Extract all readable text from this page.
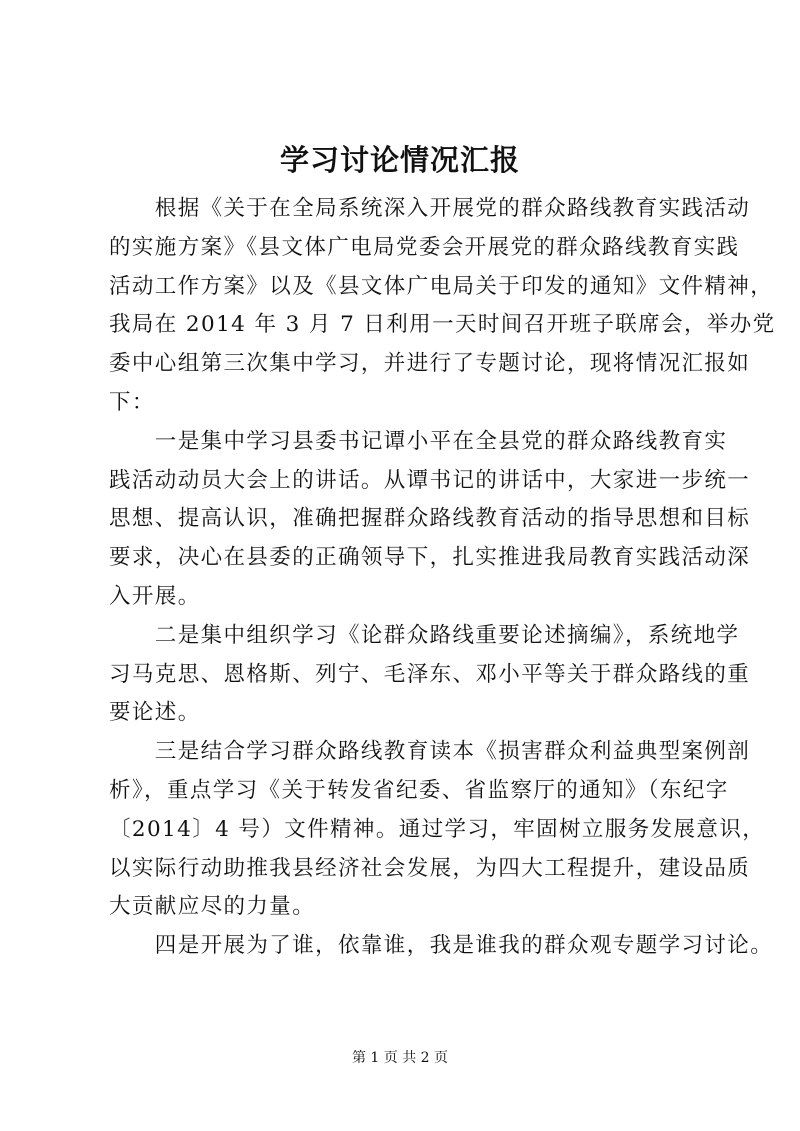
学习讨论情况汇报
　　根据《关于在全局系统深入开展党的群众路线教育实践活动
的实施方案》《县文体广电局党委会开展党的群众路线教育实践
活动工作方案》以及《县文体广电局关于印发的通知》文件精神，
我局在 2014 年 3 月 7 日利用一天时间召开班子联席会，举办党
委中心组第三次集中学习，并进行了专题讨论，现将情况汇报如
下：
　　一是集中学习县委书记谭小平在全县党的群众路线教育实
践活动动员大会上的讲话。从谭书记的讲话中，大家进一步统一
思想、提高认识，准确把握群众路线教育活动的指导思想和目标
要求，决心在县委的正确领导下，扎实推进我局教育实践活动深
入开展。
　　二是集中组织学习《论群众路线重要论述摘编》，系统地学
习马克思、恩格斯、列宁、毛泽东、邓小平等关于群众路线的重
要论述。
　　三是结合学习群众路线教育读本《损害群众利益典型案例剖
析》，重点学习《关于转发省纪委、省监察厅的通知》（东纪字
〔2014〕4 号）文件精神。通过学习，牢固树立服务发展意识，
以实际行动助推我县经济社会发展，为四大工程提升，建设品质
大贡献应尽的力量。
　　四是开展为了谁，依靠谁，我是谁我的群众观专题学习讨论。
第 1 页 共 2 页
